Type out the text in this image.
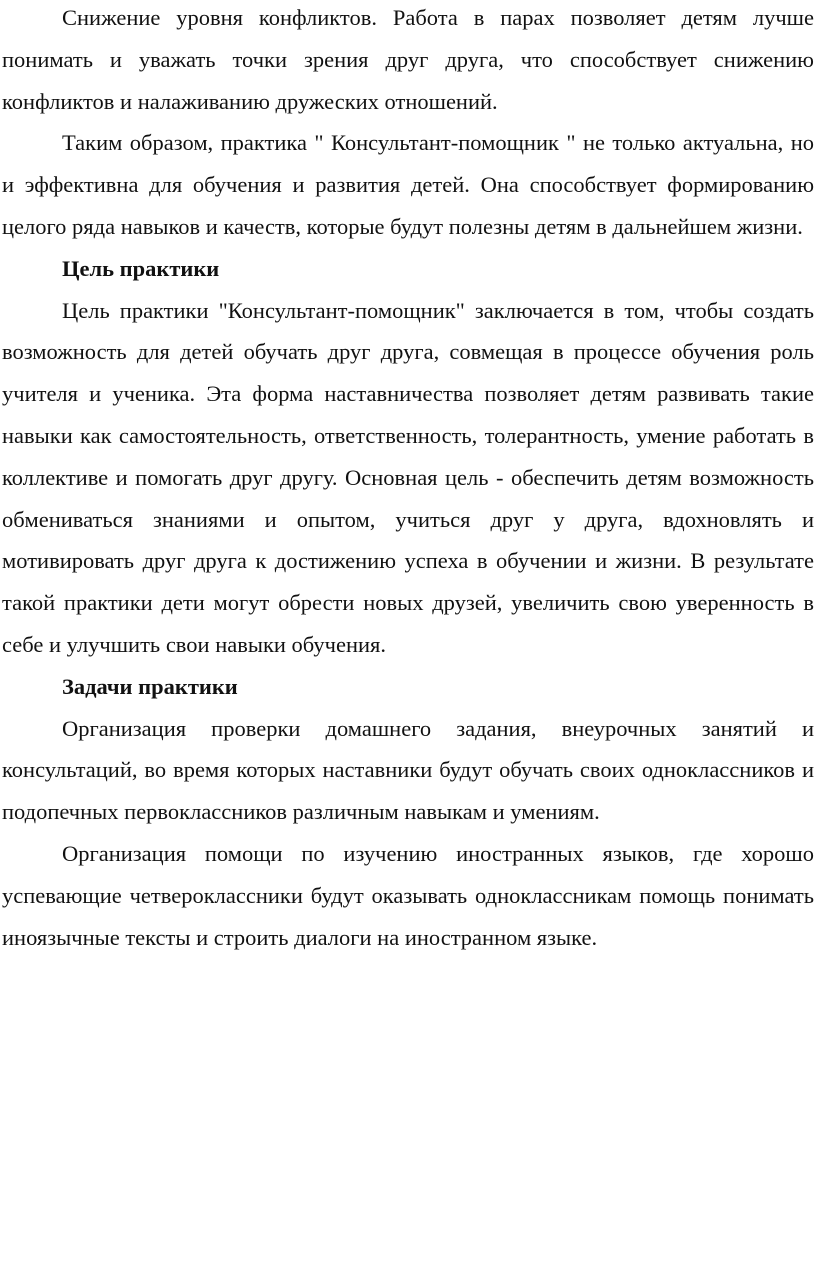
Снижение уровня конфликтов. Работа в парах позволяет детям лучше понимать и уважать точки зрения друг друга, что способствует снижению конфликтов и налаживанию дружеских отношений.

Таким образом, практика " Консультант-помощник " не только актуальна, но и эффективна для обучения и развития детей. Она способствует формированию целого ряда навыков и качеств, которые будут полезны детям в дальнейшем жизни.

Цель практики

Цель практики "Консультант-помощник" заключается в том, чтобы создать возможность для детей обучать друг друга, совмещая в процессе обучения роль учителя и ученика. Эта форма наставничества позволяет детям развивать такие навыки как самостоятельность, ответственность, толерантность, умение работать в коллективе и помогать друг другу. Основная цель - обеспечить детям возможность обмениваться знаниями и опытом, учиться друг у друга, вдохновлять и мотивировать друг друга к достижению успеха в обучении и жизни. В результате такой практики дети могут обрести новых друзей, увеличить свою уверенность в себе и улучшить свои навыки обучения.

Задачи практики

Организация проверки домашнего задания, внеурочных занятий и консультаций, во время которых наставники будут обучать своих одноклассников и подопечных первоклассников различным навыкам и умениям.

Организация помощи по изучению иностранных языков, где хорошо успевающие четвероклассники будут оказывать одноклассникам помощь понимать иноязычные тексты и строить диалоги на иностранном языке.
